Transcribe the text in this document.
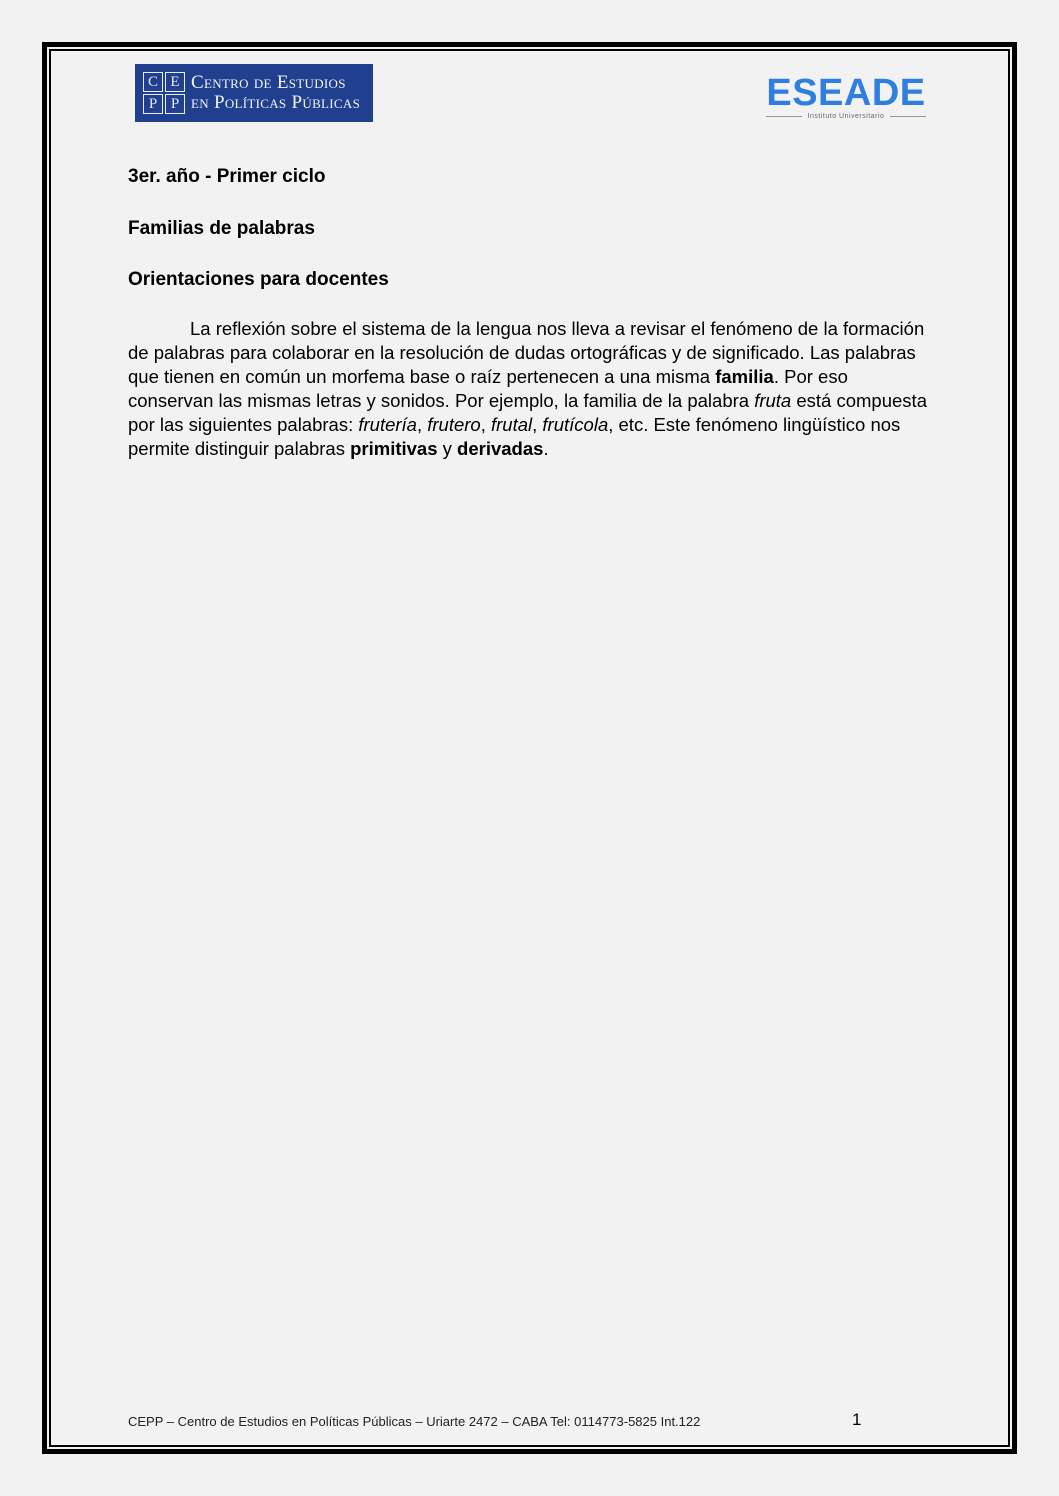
C E
P P
Centro de Estudios
en Políticas Públicas	ESEADE
Instituto Universitario
3er. año - Primer ciclo
Familias de palabras
Orientaciones para docentes

La reflexión sobre el sistema de la lengua nos lleva a revisar el fenómeno de la formación de palabras para colaborar en la resolución de dudas ortográficas y de significado. Las palabras que tienen en común un morfema base o raíz pertenecen a una misma familia. Por eso conservan las mismas letras y sonidos. Por ejemplo, la familia de la palabra fruta está compuesta por las siguientes palabras: frutería, frutero, frutal, frutícola, etc. Este fenómeno lingüístico nos permite distinguir palabras primitivas y derivadas.

CEPP – Centro de Estudios en Políticas Públicas – Uriarte 2472 – CABA Tel: 0114773-5825 Int.122	1
